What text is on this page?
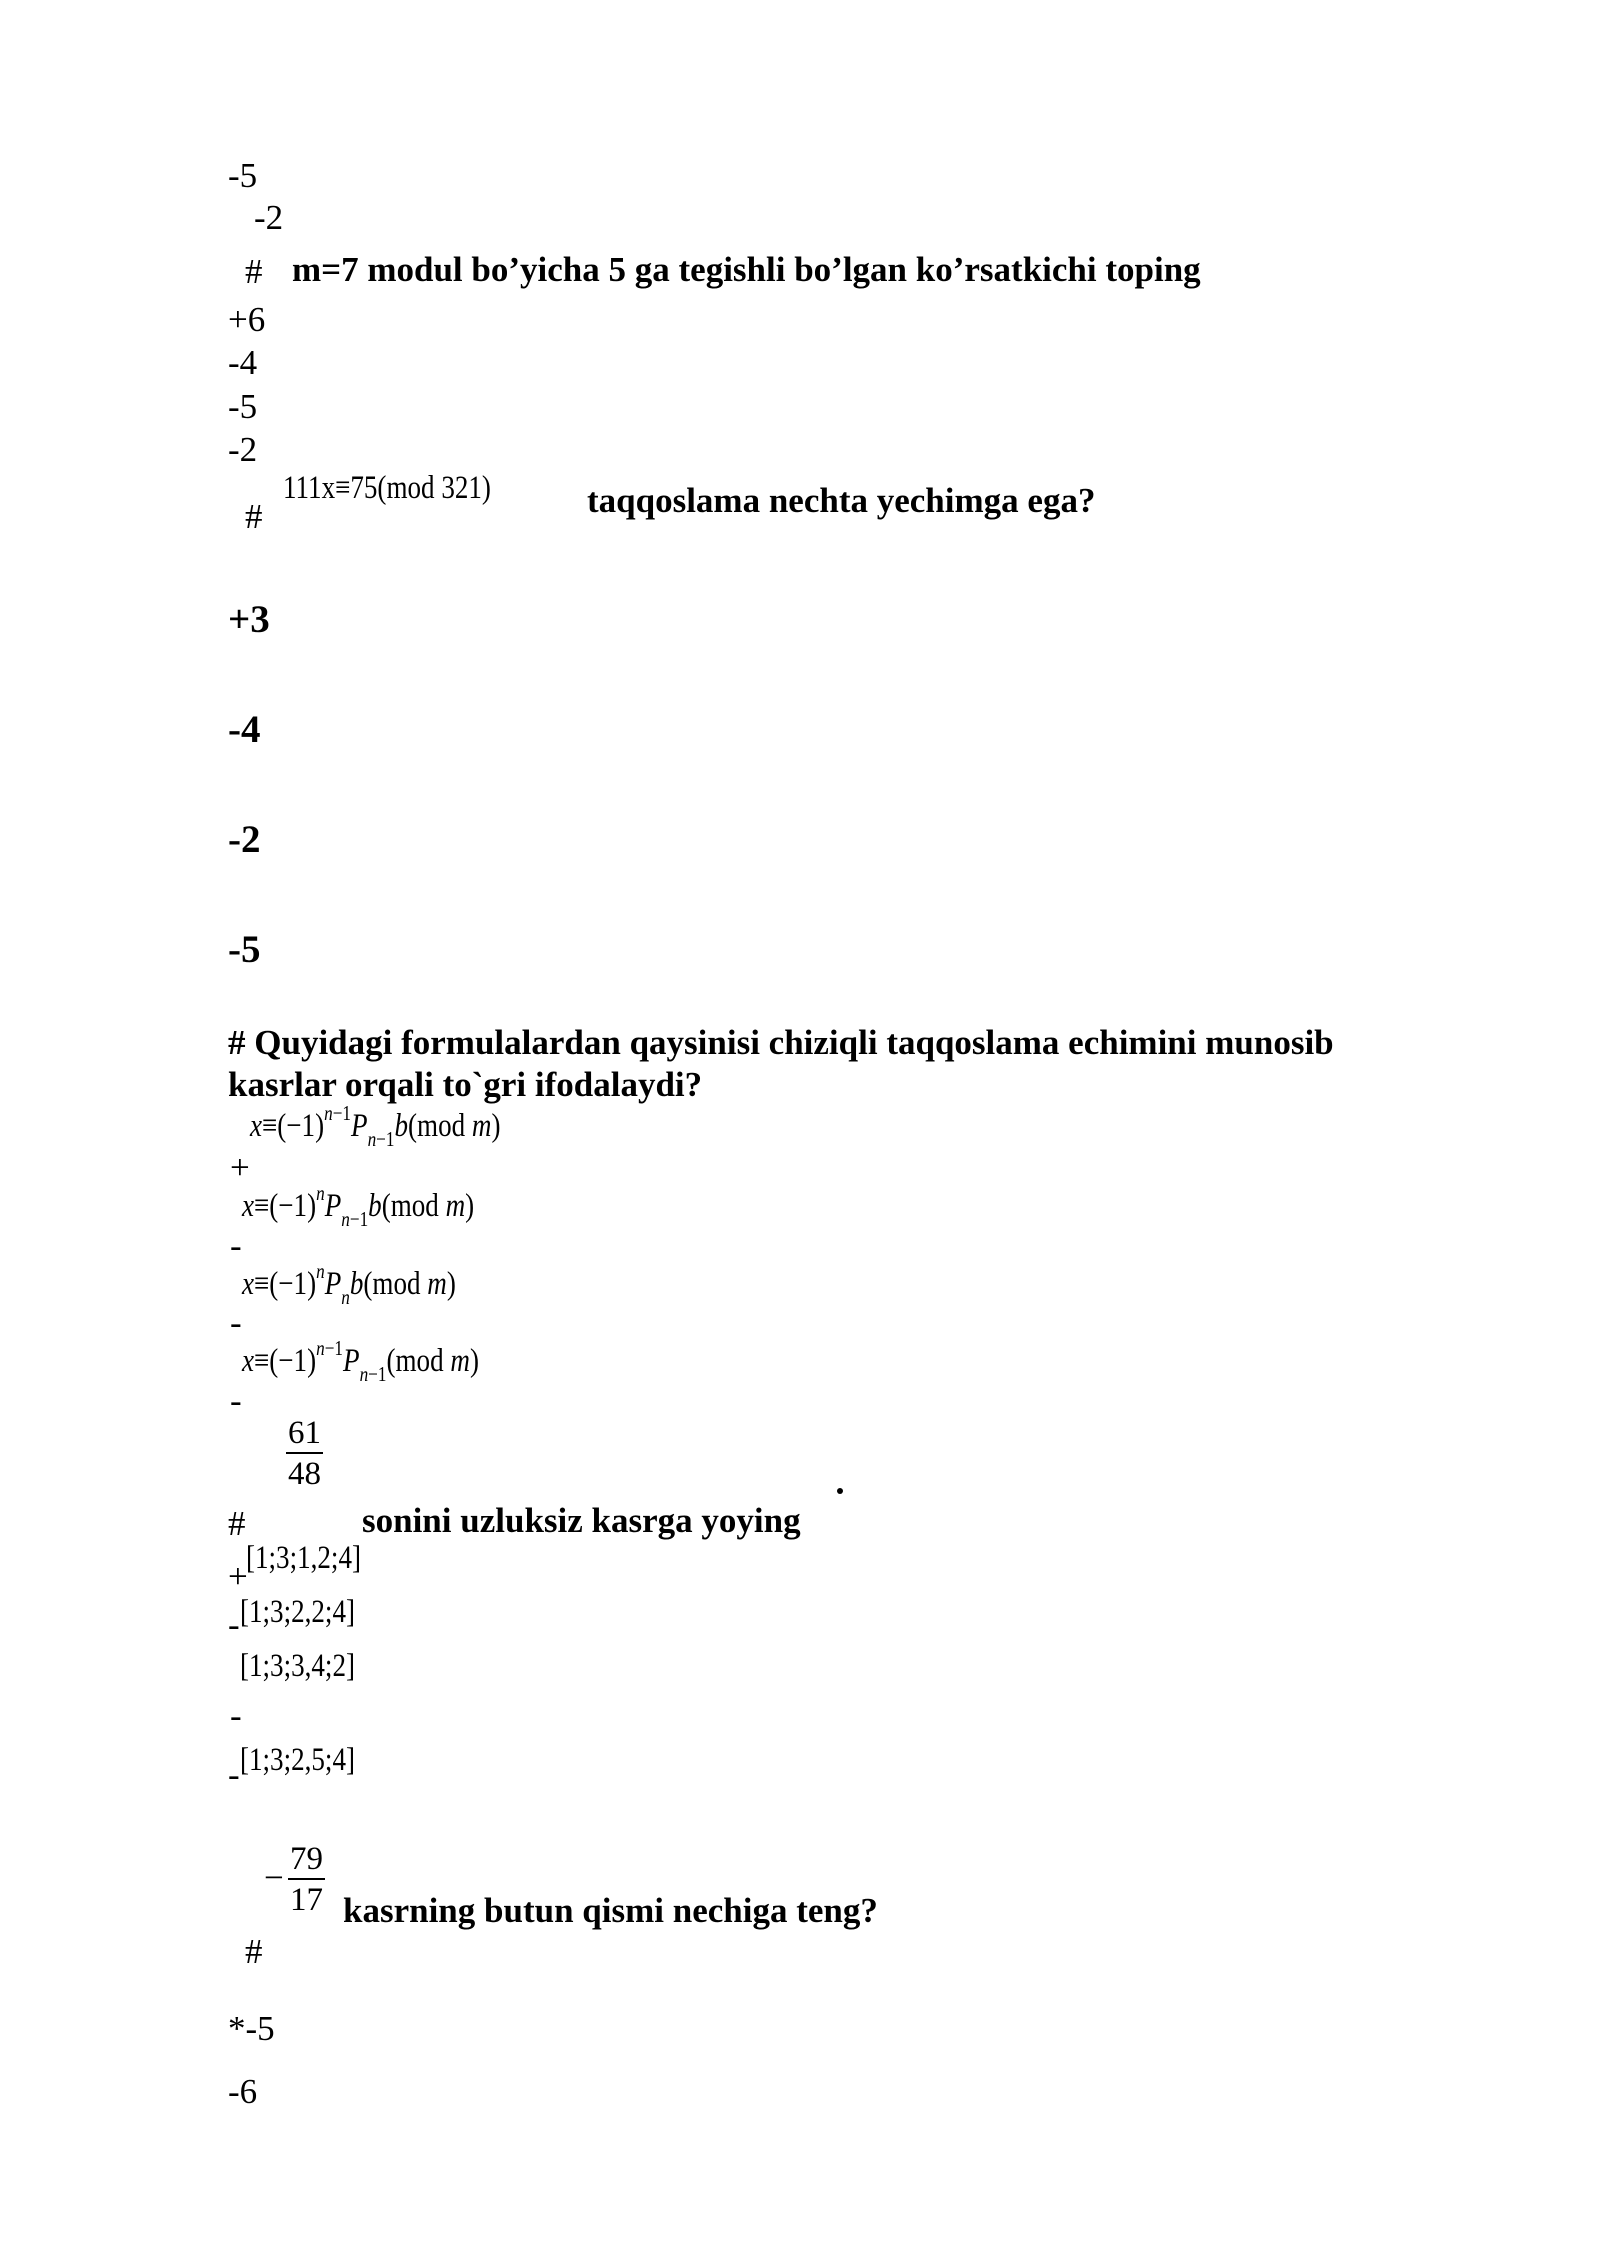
-5
-2
# m=7 modul bo’yicha 5 ga tegishli bo’lgan ko’rsatkichi toping
+6
-4
-5
-2
#
111x≡75(mod 321)	taqqoslama nechta yechimga ega?
+3
-4
-2
-5
# Quyidagi formulalardan qaysinisi chiziqli taqqoslama echimini munosib
kasrlar orqali to`gri ifodalaydi?
$x\equiv(-1)^{n-1}P_{n-1}b(mod$ m)
+
$x\equiv(-1)^nP_{n-1}b(mod$ m)
-
$x\equiv(-1)^nP_nb(mod$ m)
-
$x\equiv(-1)^{n-1}P_{n-1}(mod$ m)
-
$\frac{61}{48}$
#	sonini uzluksiz kasrga yoying
+
[1;3;1,2;4]
- [1;3;2,2;4]
[1;3;3,4;2]
-
- [1;3;2,5;4]
− $\frac{79}{17}$ kasrning butun qismi nechiga teng?
#
*-5
-6
